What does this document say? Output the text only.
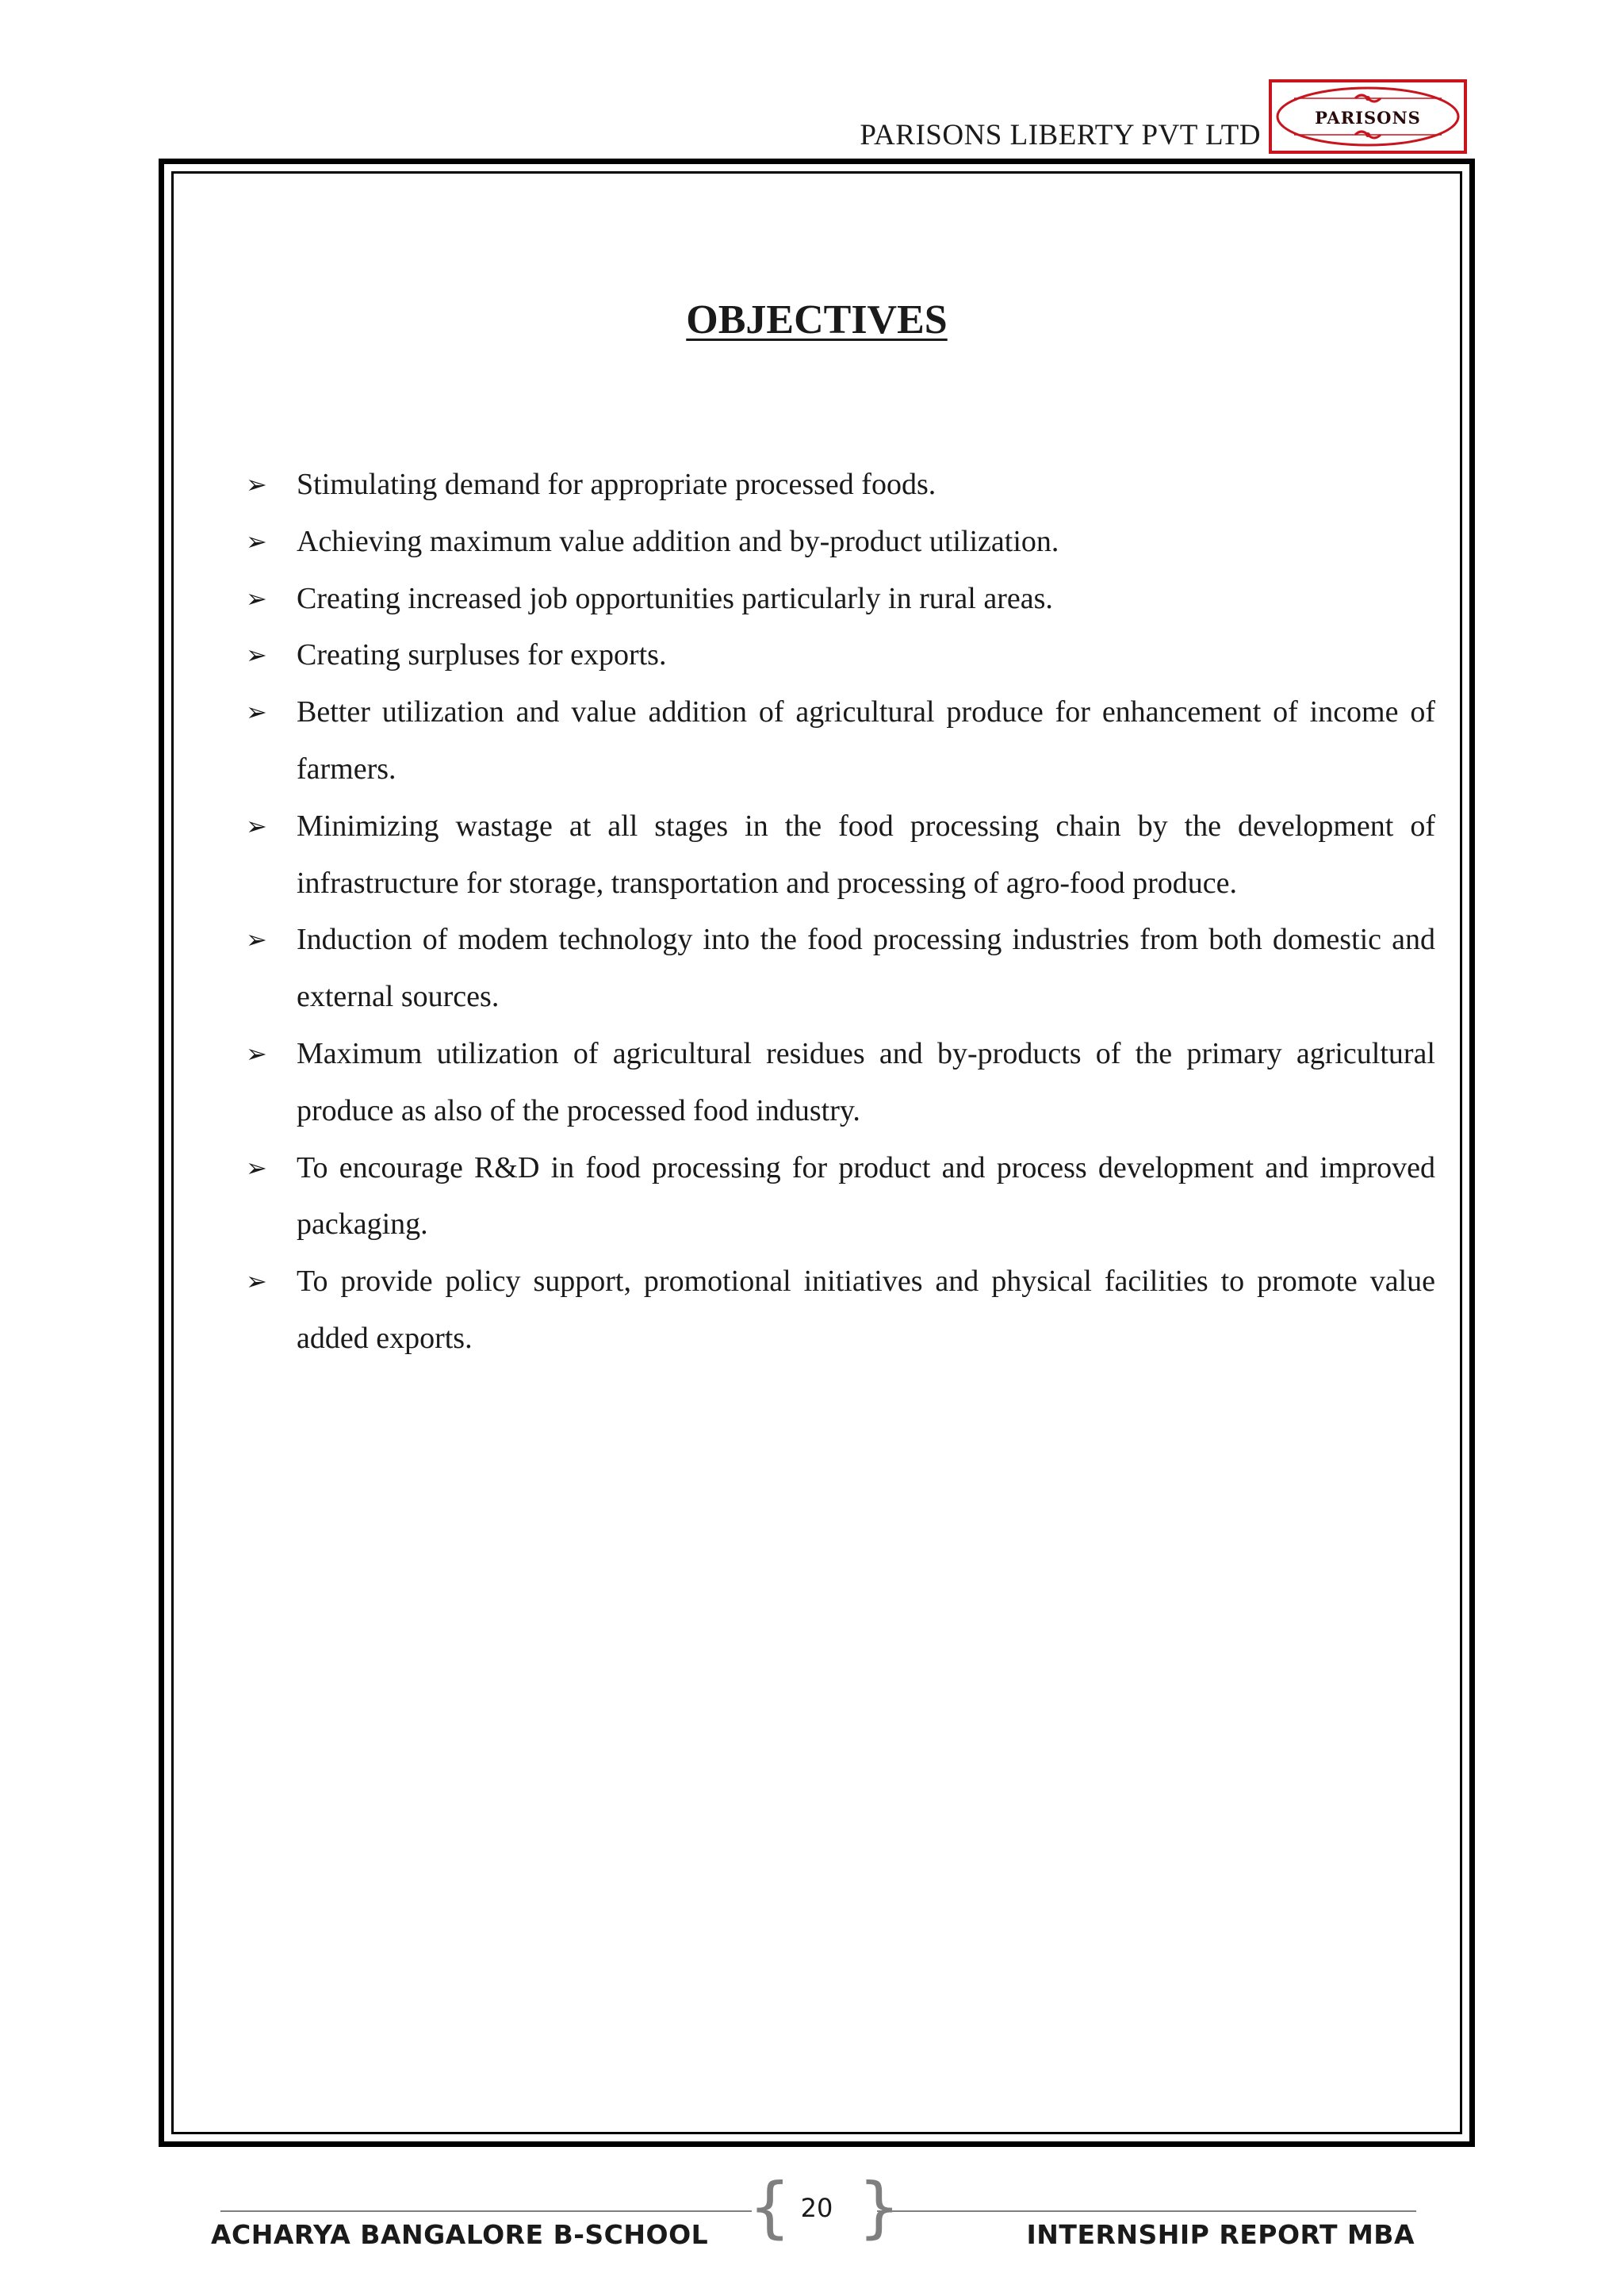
PARISONS LIBERTY PVT LTD
PARISONS
OBJECTIVES
➢ Stimulating demand for appropriate processed foods.
➢ Achieving maximum value addition and by-product utilization.
➢ Creating increased job opportunities particularly in rural areas.
➢ Creating surpluses for exports.
➢ Better utilization and value addition of agricultural produce for enhancement of income of farmers.
➢ Minimizing wastage at all stages in the food processing chain by the development of infrastructure for storage, transportation and processing of agro-food produce.
➢ Induction of modem technology into the food processing industries from both domestic and external sources.
➢ Maximum utilization of agricultural residues and by-products of the primary agricultural produce as also of the processed food industry.
➢ To encourage R&D in food processing for product and process development and improved packaging.
➢ To provide policy support, promotional initiatives and physical facilities to promote value added exports.
{ }
20
ACHARYA BANGALORE B-SCHOOL	INTERNSHIP REPORT MBA
